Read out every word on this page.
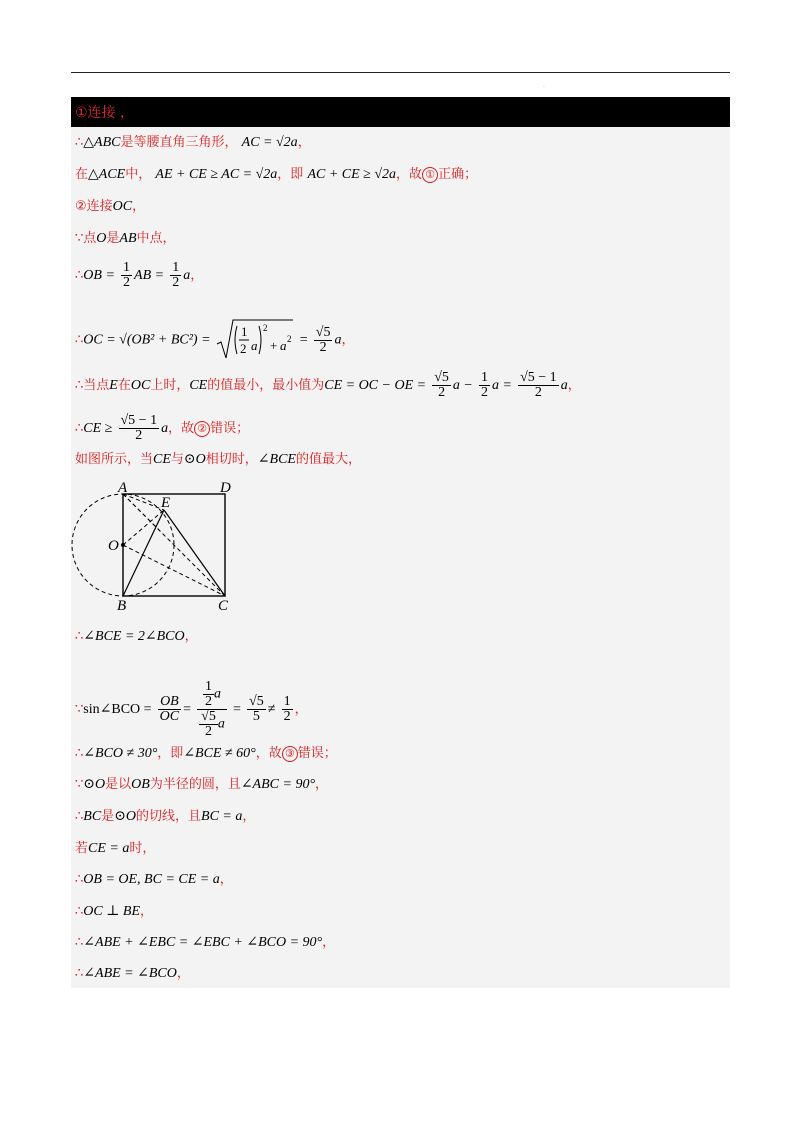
·
①连接 ，
∴△ABC是等腰直角三角形， AC = √2a，
在△ACE中， AE + CE ≥ AC = √2a，即 AC + CE ≥ √2a，故 ① 正确；
②连接OC，
∵点O是AB中点，
∴OB = $\frac{1}{2}$ AB = $\frac{1}{2}$ a，
∴OC = √(OB² + BC²) =
1
2 a
2
+ a $2 = \frac{√5}{2}$ a，
∴当点E在OC上时，CE的值最小，最小值为CE = OC − OE = $\frac{√5}{2}$ $a - \frac{1}{2}$ $a = \frac{√5 - 1}{2}$ a，
∴CE ≥ $\frac{√5 - 1}{2}$ a，故 ② 错误；
如图所示，当CE与⊙O相切时，∠BCE的值最大，
A	D
E
O
B	C
∴∠BCE = 2∠BCO，
∵sin∠BCO = $\frac{OB}{OC} = \frac{\frac{1}{2} a}{\frac{√5}{2} a} = \frac{√5}{5} \ne \frac{1}{2}$ ，
∴∠BCO ≠ 30°，即∠BCE ≠ 60°，故 ③ 错误；
∵⊙O是以OB为半径的圆，且∠ABC = 90°，
∴BC是⊙O的切线，且BC = a，
若CE = a时，
∴OB = OE, BC = CE = a，
∴OC ⊥ BE，
∴∠ABE + ∠EBC = ∠EBC + ∠BCO = 90°，
∴∠ABE = ∠BCO，
